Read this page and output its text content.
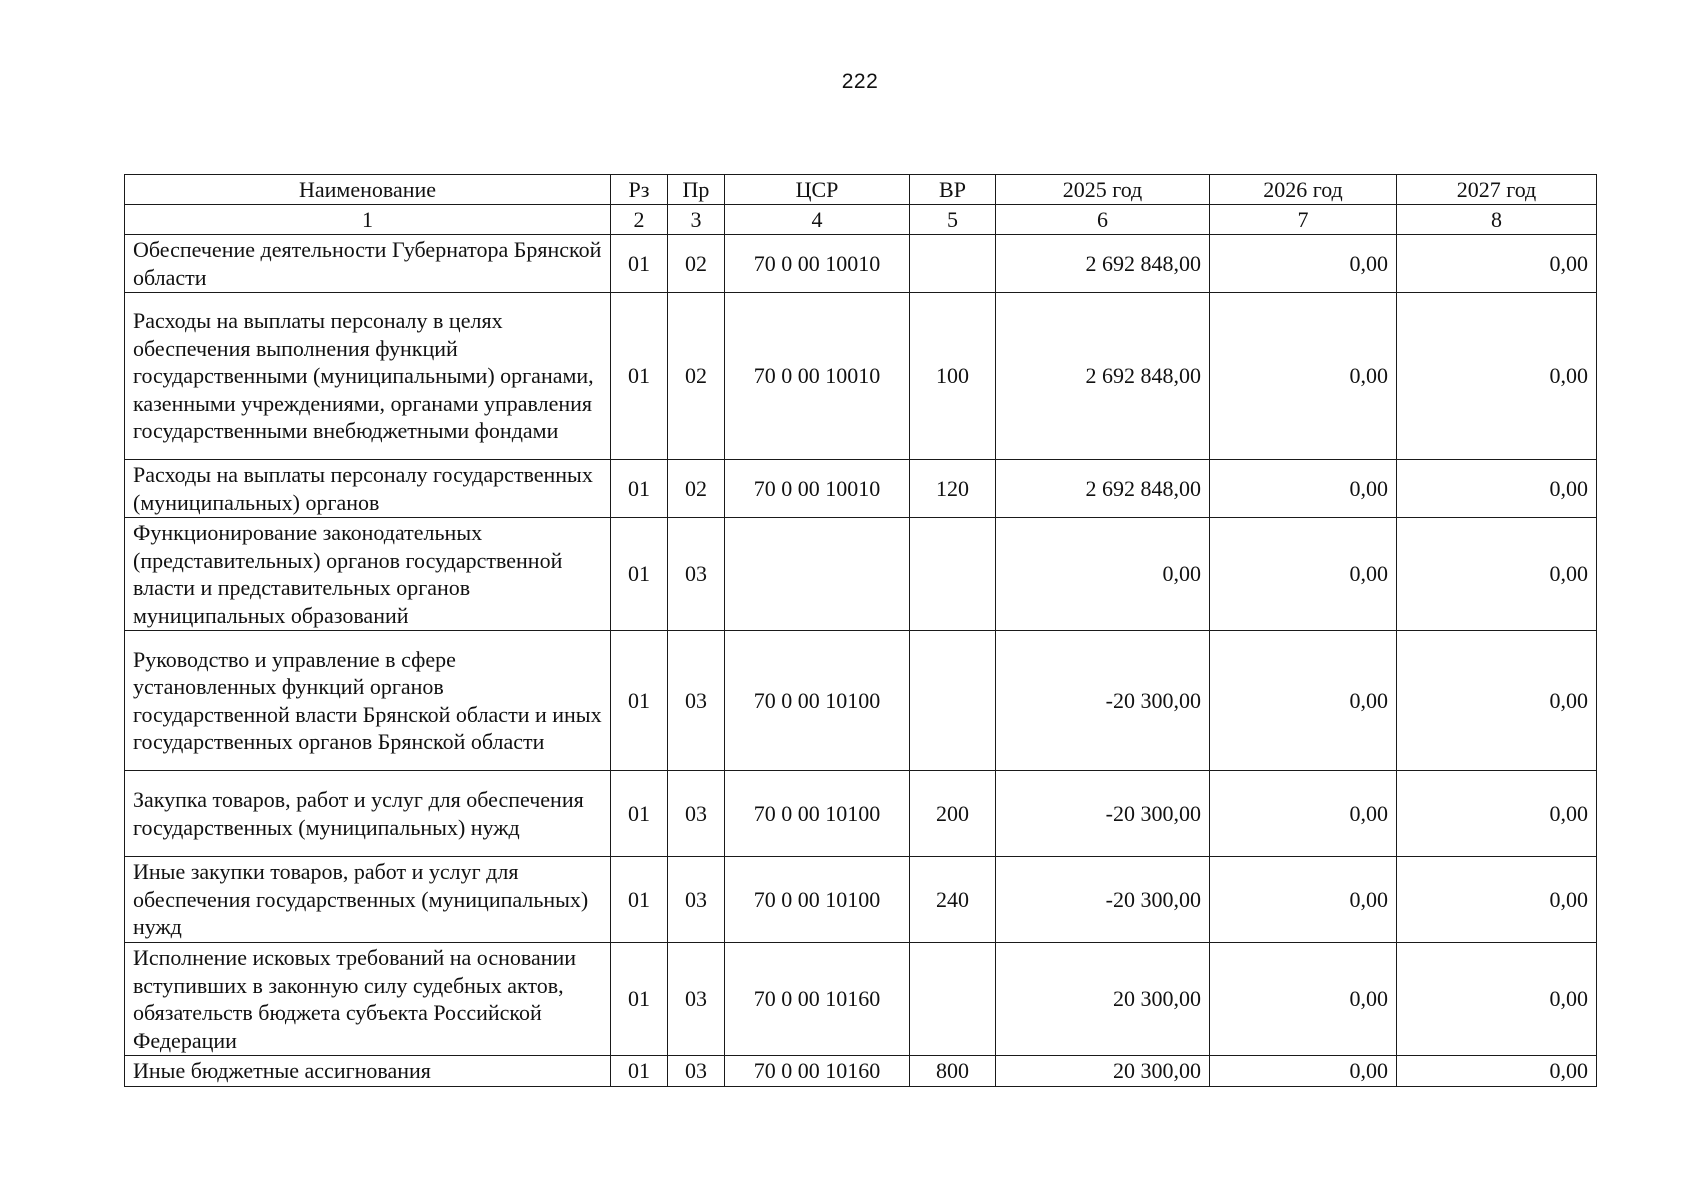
222
Наименование	Рз	Пр	ЦСР	ВР	2025 год	2026 год	2027 год
1	2	3	4	5	6	7	8
Обеспечение деятельности Губернатора Брянской области	01	02	70 0 00 10010		2 692 848,00	0,00	0,00
Расходы на выплаты персоналу в целях обеспечения выполнения функций государственными (муниципальными) органами, казенными учреждениями, органами управления государственными внебюджетными фондами	01	02	70 0 00 10010	100	2 692 848,00	0,00	0,00
Расходы на выплаты персоналу государственных (муниципальных) органов	01	02	70 0 00 10010	120	2 692 848,00	0,00	0,00
Функционирование законодательных (представительных) органов государственной власти и представительных органов муниципальных образований	01	03			0,00	0,00	0,00
Руководство и управление в сфере установленных функций органов государственной власти Брянской области и иных государственных органов Брянской области	01	03	70 0 00 10100		-20 300,00	0,00	0,00
Закупка товаров, работ и услуг для обеспечения государственных (муниципальных) нужд	01	03	70 0 00 10100	200	-20 300,00	0,00	0,00
Иные закупки товаров, работ и услуг для обеспечения государственных (муниципальных) нужд	01	03	70 0 00 10100	240	-20 300,00	0,00	0,00
Исполнение исковых требований на основании вступивших в законную силу судебных актов, обязательств бюджета субъекта Российской Федерации	01	03	70 0 00 10160		20 300,00	0,00	0,00
Иные бюджетные ассигнования	01	03	70 0 00 10160	800	20 300,00	0,00	0,00
